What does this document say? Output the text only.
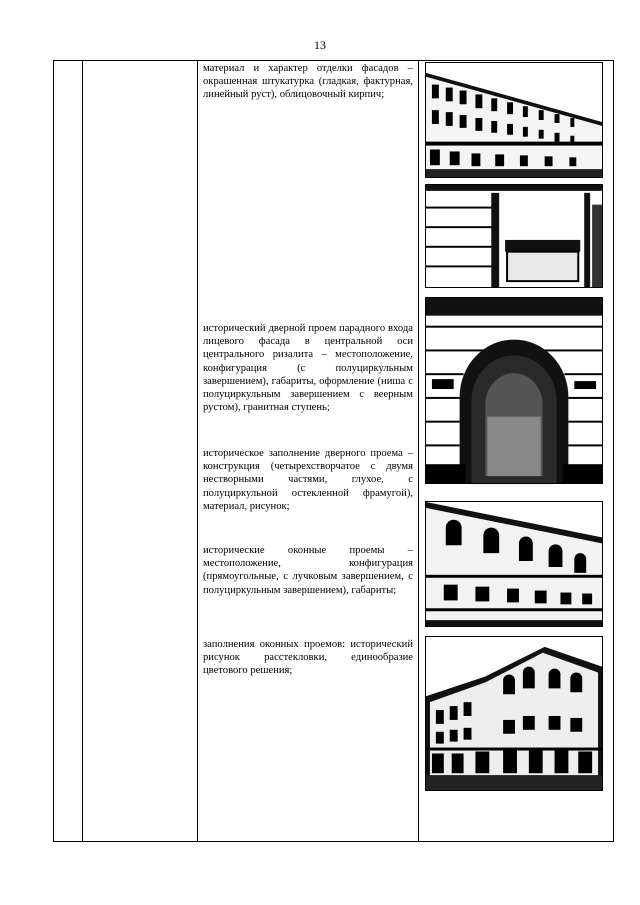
13
материал и характер отделки фасадов – окрашенная штукатурка (гладкая, фактурная, линейный руст), облицовочный кирпич;
исторический дверной проем парадного входа лицевого фасада в центральной оси центрального ризалита – местоположение, конфигурация (с полуциркульным завершением), габариты, оформление (ниша с полуциркульным завершением с веерным рустом), гранитная ступень;
историческое заполнение дверного проема – конструкция (четырехстворчатое с двумя нестворными частями, глухое, с полуциркульной остекленной фрамугой), материал, рисунок;
исторические оконные проемы – местоположение, конфигурация (прямоугольные, с лучковым завершением, с полуциркульным завершением), габариты;
заполнения оконных проемов: исторический рисунок расстекловки, единообразие цветового решения;
